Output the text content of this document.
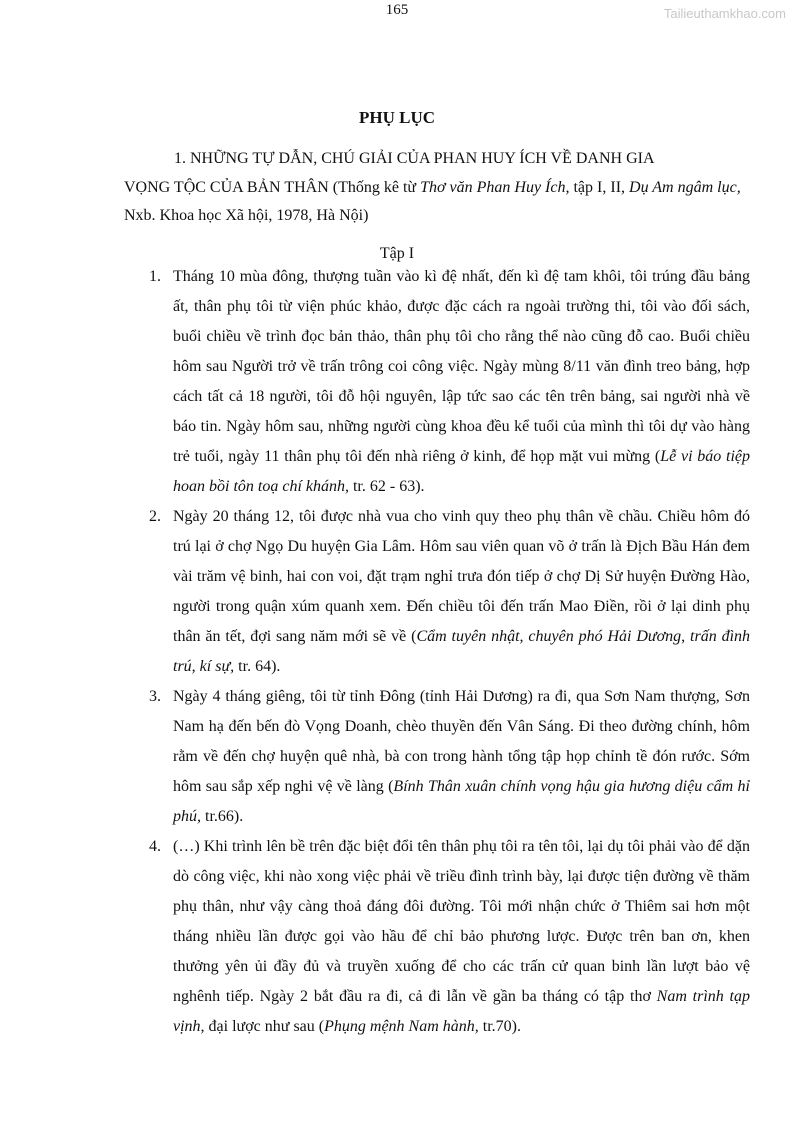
165	Tailieuthamkhao.com
PHỤ LỤC

1. NHỮNG TỰ DẪN, CHÚ GIẢI CỦA PHAN HUY ÍCH VỀ DANH GIA

VỌNG TỘC CỦA BẢN THÂN (Thống kê từ Thơ văn Phan Huy Ích, tập I, II, Dụ Am ngâm lục, Nxb. Khoa học Xã hội, 1978, Hà Nội)

Tập I
1. Tháng 10 mùa đông, thượng tuần vào kì đệ nhất, đến kì đệ tam khôi, tôi trúng đầu bảng ất, thân phụ tôi từ viện phúc khảo, được đặc cách ra ngoài trường thi, tôi vào đối sách, buổi chiều về trình đọc bản thảo, thân phụ tôi cho rằng thể nào cũng đỗ cao. Buổi chiều hôm sau Người trở về trấn trông coi công việc. Ngày mùng 8/11 văn đình treo bảng, hợp cách tất cả 18 người, tôi đỗ hội nguyên, lập tức sao các tên trên bảng, sai người nhà về báo tin. Ngày hôm sau, những người cùng khoa đều kể tuổi của mình thì tôi dự vào hàng trẻ tuổi, ngày 11 thân phụ tôi đến nhà riêng ở kinh, để họp mặt vui mừng (Lễ vi báo tiệp hoan bồi tôn toạ chí khánh, tr. 62 - 63).
2. Ngày 20 tháng 12, tôi được nhà vua cho vinh quy theo phụ thân về chầu. Chiều hôm đó trú lại ở chợ Ngọ Du huyện Gia Lâm. Hôm sau viên quan võ ở trấn là Địch Bầu Hán đem vài trăm vệ binh, hai con voi, đặt trạm nghỉ trưa đón tiếp ở chợ Dị Sử huyện Đường Hào, người trong quận xúm quanh xem. Đến chiều tôi đến trấn Mao Điền, rồi ở lại dinh phụ thân ăn tết, đợi sang năm mới sẽ về (Cẩm tuyên nhật, chuyên phó Hải Dương, trấn đình trú, kí sự, tr. 64).
3. Ngày 4 tháng giêng, tôi từ tỉnh Đông (tỉnh Hải Dương) ra đi, qua Sơn Nam thượng, Sơn Nam hạ đến bến đò Vọng Doanh, chèo thuyền đến Vân Sáng. Đi theo đường chính, hôm rằm về đến chợ huyện quê nhà, bà con trong hành tổng tập họp chỉnh tề đón rước. Sớm hôm sau sắp xếp nghi vệ về làng (Bính Thân xuân chính vọng hậu gia hương diệu cẩm hỉ phú, tr.66).
4. (…) Khi trình lên bề trên đặc biệt đổi tên thân phụ tôi ra tên tôi, lại dụ tôi phải vào để dặn dò công việc, khi nào xong việc phải về triều đình trình bày, lại được tiện đường về thăm phụ thân, như vậy càng thoả đáng đôi đường. Tôi mới nhận chức ở Thiêm sai hơn một tháng nhiều lần được gọi vào hầu để chỉ bảo phương lược. Được trên ban ơn, khen thưởng yên ủi đầy đủ và truyền xuống để cho các trấn cử quan binh lần lượt bảo vệ nghênh tiếp. Ngày 2 bắt đầu ra đi, cả đi lẫn về gần ba tháng có tập thơ Nam trình tạp vịnh, đại lược như sau (Phụng mệnh Nam hành, tr.70).
